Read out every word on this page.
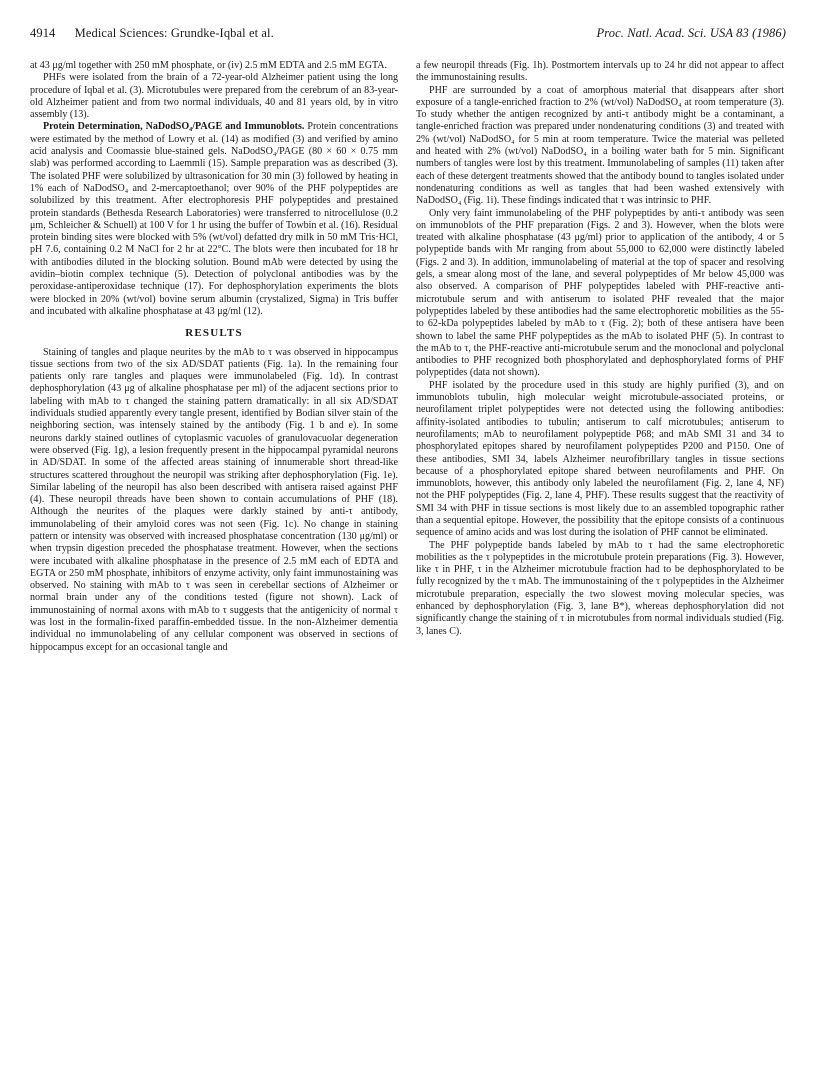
4914 Medical Sciences: Grundke-Iqbal et al.	Proc. Natl. Acad. Sci. USA 83 (1986)

at 43 μg/ml together with 250 mM phosphate, or (iv) 2.5 mM EDTA and 2.5 mM EGTA.

PHFs were isolated from the brain of a 72-year-old Alzheimer patient using the long procedure of Iqbal et al. (3). Microtubules were prepared from the cerebrum of an 83-year-old Alzheimer patient and from two normal individuals, 40 and 81 years old, by in vitro assembly (13).

Protein Determination, NaDodSO₄/PAGE and Immunoblots. Protein concentrations were estimated by the method of Lowry et al. (14) as modified (3) and verified by amino acid analysis and Coomassie blue-stained gels. NaDodSO₄/PAGE (80 × 60 × 0.75 mm slab) was performed according to Laemmli (15). Sample preparation was as described (3). The isolated PHF were solubilized by ultrasonication for 30 min (3) followed by heating in 1% each of NaDodSO₄ and 2-mercaptoethanol; over 90% of the PHF polypeptides are solubilized by this treatment. After electrophoresis PHF polypeptides and prestained protein standards (Bethesda Research Laboratories) were transferred to nitrocellulose (0.2 μm, Schleicher & Schuell) at 100 V for 1 hr using the buffer of Towbin et al. (16). Residual protein binding sites were blocked with 5% (wt/vol) defatted dry milk in 50 mM Tris·HCl, pH 7.6, containing 0.2 M NaCl for 2 hr at 22°C. The blots were then incubated for 18 hr with antibodies diluted in the blocking solution. Bound mAb were detected by using the avidin–biotin complex technique (5). Detection of polyclonal antibodies was by the peroxidase-antiperoxidase technique (17). For dephosphorylation experiments the blots were blocked in 20% (wt/vol) bovine serum albumin (crystalized, Sigma) in Tris buffer and incubated with alkaline phosphatase at 43 μg/ml (12).

RESULTS

Staining of tangles and plaque neurites by the mAb to τ was observed in hippocampus tissue sections from two of the six AD/SDAT patients (Fig. 1a). In the remaining four patients only rare tangles and plaques were immunolabeled (Fig. 1d). In contrast dephosphorylation (43 μg of alkaline phosphatase per ml) of the adjacent sections prior to labeling with mAb to τ changed the staining pattern dramatically: in all six AD/SDAT individuals studied apparently every tangle present, identified by Bodian silver stain of the neighboring section, was intensely stained by the antibody (Fig. 1 b and e). In some neurons darkly stained outlines of cytoplasmic vacuoles of granulovacuolar degeneration were observed (Fig. 1g), a lesion frequently present in the hippocampal pyramidal neurons in AD/SDAT. In some of the affected areas staining of innumerable short thread-like structures scattered throughout the neuropil was striking after dephosphorylation (Fig. 1e). Similar labeling of the neuropil has also been described with antisera raised against PHF (4). These neuropil threads have been shown to contain accumulations of PHF (18). Although the neurites of the plaques were darkly stained by anti-τ antibody, immunolabeling of their amyloid cores was not seen (Fig. 1c). No change in staining pattern or intensity was observed with increased phosphatase concentration (130 μg/ml) or when trypsin digestion preceded the phosphatase treatment. However, when the sections were incubated with alkaline phosphatase in the presence of 2.5 mM each of EDTA and EGTA or 250 mM phosphate, inhibitors of enzyme activity, only faint immunostaining was observed. No staining with mAb to τ was seen in cerebellar sections of Alzheimer or normal brain under any of the conditions tested (figure not shown). Lack of immunostaining of normal axons with mAb to τ suggests that the antigenicity of normal τ was lost in the formalin-fixed paraffin-embedded tissue. In the non-Alzheimer dementia individual no immunolabeling of any cellular component was observed in sections of hippocampus except for an occasional tangle and

a few neuropil threads (Fig. 1h). Postmortem intervals up to 24 hr did not appear to affect the immunostaining results.

PHF are surrounded by a coat of amorphous material that disappears after short exposure of a tangle-enriched fraction to 2% (wt/vol) NaDodSO₄ at room temperature (3). To study whether the antigen recognized by anti-τ antibody might be a contaminant, a tangle-enriched fraction was prepared under nondenaturing conditions (3) and treated with 2% (wt/vol) NaDodSO₄ for 5 min at room temperature. Twice the material was pelleted and heated with 2% (wt/vol) NaDodSO₄ in a boiling water bath for 5 min. Significant numbers of tangles were lost by this treatment. Immunolabeling of samples (11) taken after each of these detergent treatments showed that the antibody bound to tangles isolated under nondenaturing conditions as well as tangles that had been washed extensively with NaDodSO₄ (Fig. 1i). These findings indicated that τ was intrinsic to PHF.

Only very faint immunolabeling of the PHF polypeptides by anti-τ antibody was seen on immunoblots of the PHF preparation (Figs. 2 and 3). However, when the blots were treated with alkaline phosphatase (43 μg/ml) prior to application of the antibody, 4 or 5 polypeptide bands with Mr ranging from about 55,000 to 62,000 were distinctly labeled (Figs. 2 and 3). In addition, immunolabeling of material at the top of spacer and resolving gels, a smear along most of the lane, and several polypeptides of Mr below 45,000 was also observed. A comparison of PHF polypeptides labeled with PHF-reactive anti-microtubule serum and with antiserum to isolated PHF revealed that the major polypeptides labeled by these antibodies had the same electrophoretic mobilities as the 55- to 62-kDa polypeptides labeled by mAb to τ (Fig. 2); both of these antisera have been shown to label the same PHF polypeptides as the mAb to isolated PHF (5). In contrast to the mAb to τ, the PHF-reactive anti-microtubule serum and the monoclonal and polyclonal antibodies to PHF recognized both phosphorylated and dephosphorylated forms of PHF polypeptides (data not shown).

PHF isolated by the procedure used in this study are highly purified (3), and on immunoblots tubulin, high molecular weight microtubule-associated proteins, or neurofilament triplet polypeptides were not detected using the following antibodies: affinity-isolated antibodies to tubulin; antiserum to calf microtubules; antiserum to neurofilaments; mAb to neurofilament polypeptide P68; and mAb SMI 31 and 34 to phosphorylated epitopes shared by neurofilament polypeptides P200 and P150. One of these antibodies, SMI 34, labels Alzheimer neurofibrillary tangles in tissue sections because of a phosphorylated epitope shared between neurofilaments and PHF. On immunoblots, however, this antibody only labeled the neurofilament (Fig. 2, lane 4, NF) not the PHF polypeptides (Fig. 2, lane 4, PHF). These results suggest that the reactivity of SMI 34 with PHF in tissue sections is most likely due to an assembled topographic rather than a sequential epitope. However, the possibility that the epitope consists of a continuous sequence of amino acids and was lost during the isolation of PHF cannot be eliminated.

The PHF polypeptide bands labeled by mAb to τ had the same electrophoretic mobilities as the τ polypeptides in the microtubule protein preparations (Fig. 3). However, like τ in PHF, τ in the Alzheimer microtubule fraction had to be dephosphorylated to be fully recognized by the τ mAb. The immunostaining of the τ polypeptides in the Alzheimer microtubule preparation, especially the two slowest moving molecular species, was enhanced by dephosphorylation (Fig. 3, lane B*), whereas dephosphorylation did not significantly change the staining of τ in microtubules from normal individuals studied (Fig. 3, lanes C).
